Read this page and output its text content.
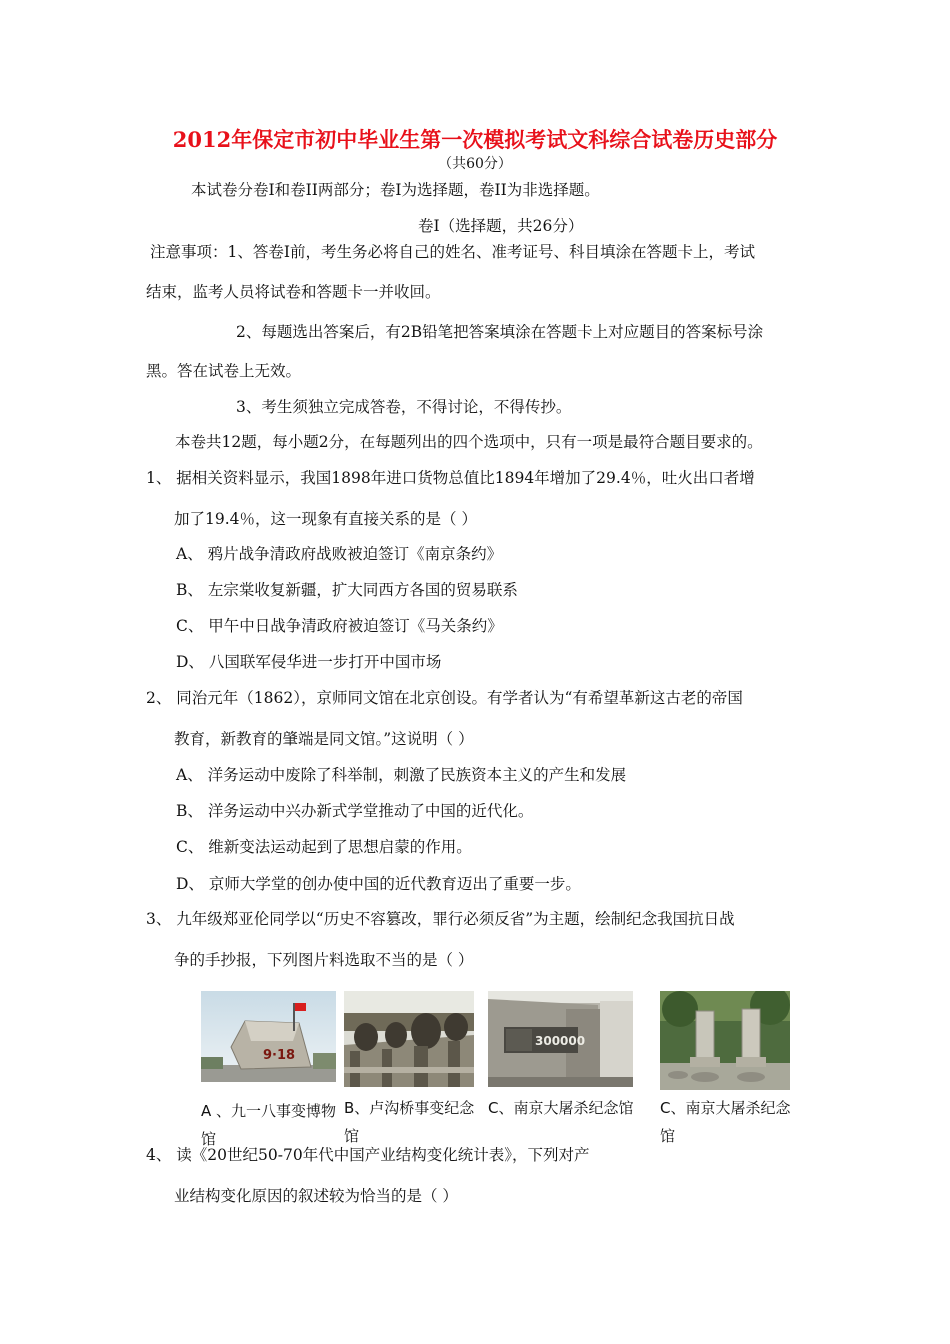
2012年保定市初中毕业生第一次模拟考试文科综合试卷历史部分
（共60分）
本试卷分卷I和卷II两部分；卷I为选择题，卷II为非选择题。
卷I（选择题，共26分）
注意事项：1、答卷I前，考生务必将自己的姓名、准考证号、科目填涂在答题卡上，考试
结束，监考人员将试卷和答题卡一并收回。
2、每题选出答案后，有2B铅笔把答案填涂在答题卡上对应题目的答案标号涂
黑。答在试卷上无效。
3、考生须独立完成答卷，不得讨论，不得传抄。
本卷共12题，每小题2分，在每题列出的四个选项中，只有一项是最符合题目要求的。
1、 据相关资料显示，我国1898年进口货物总值比1894年增加了29.4％，吐火出口者增
加了19.4％，这一现象有直接关系的是（ ）
A、 鸦片战争清政府战败被迫签订《南京条约》
B、 左宗棠收复新疆，扩大同西方各国的贸易联系
C、 甲午中日战争清政府被迫签订《马关条约》
D、 八国联军侵华进一步打开中国市场
2、 同治元年（1862），京师同文馆在北京创设。有学者认为“有希望革新这古老的帝国
教育，新教育的肇端是同文馆。”这说明（ ）
A、 洋务运动中废除了科举制，刺激了民族资本主义的产生和发展
B、 洋务运动中兴办新式学堂推动了中国的近代化。
C、 维新变法运动起到了思想启蒙的作用。
D、 京师大学堂的创办使中国的近代教育迈出了重要一步。
3、 九年级郑亚伦同学以“历史不容篡改，罪行必须反省”为主题，绘制纪念我国抗日战
争的手抄报，下列图片料选取不当的是（ ）
9·18
300000
A 、九一八事变博物馆
B、卢沟桥事变纪念馆
C、南京大屠杀纪念馆	C、南京大屠杀纪念馆
4、 读《20世纪50-70年代中国产业结构变化统计表》，下列对产
业结构变化原因的叙述较为恰当的是（ ）
